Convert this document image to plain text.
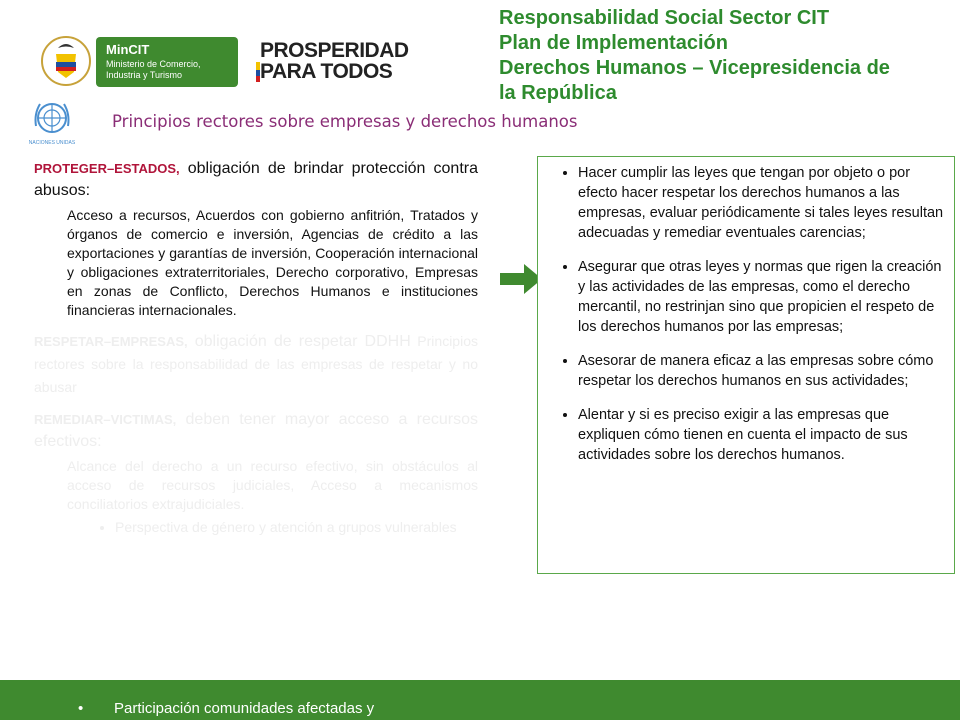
Responsabilidad Social Sector CIT
Plan de Implementación
Derechos Humanos – Vicepresidencia de
la República
MinCIT
Ministerio de Comercio, Industria y Turismo
PROSPERIDAD
PARA TODOS
NACIONES UNIDAS
Principios rectores sobre empresas y derechos humanos
PROTEGER–ESTADOS, obligación de brindar protección contra abusos:
Acceso a recursos, Acuerdos con gobierno anfitrión, Tratados y órganos de comercio e inversión, Agencias de crédito a las exportaciones y garantías de inversión, Cooperación internacional y obligaciones extraterritoriales, Derecho corporativo, Empresas en zonas de Conflicto, Derechos Humanos e instituciones financieras internacionales.
RESPETAR–EMPRESAS, obligación de respetar DDHH Principios rectores sobre la responsabilidad de las empresas de respetar y no abusar
REMEDIAR–VICTIMAS, deben tener mayor acceso a recursos efectivos:
Alcance del derecho a un recurso efectivo, sin obstáculos al acceso de recursos judiciales, Acceso a mecanismos conciliatorios extrajudiciales.
• Perspectiva de género y atención a grupos vulnerables
• Participación comunidades afectadas y
• Hacer cumplir las leyes que tengan por objeto o por efecto hacer respetar los derechos humanos a las empresas, evaluar periódicamente si tales leyes resultan adecuadas y remediar eventuales carencias;
• Asegurar que otras leyes y normas que rigen la creación y las actividades de las empresas, como el derecho mercantil, no restrinjan sino que propicien el respeto de los derechos humanos por las empresas;
• Asesorar de manera eficaz a las empresas sobre cómo respetar los derechos humanos en sus actividades;
• Alentar y si es preciso exigir a las empresas que expliquen cómo tienen en cuenta el impacto de sus actividades sobre los derechos humanos.
